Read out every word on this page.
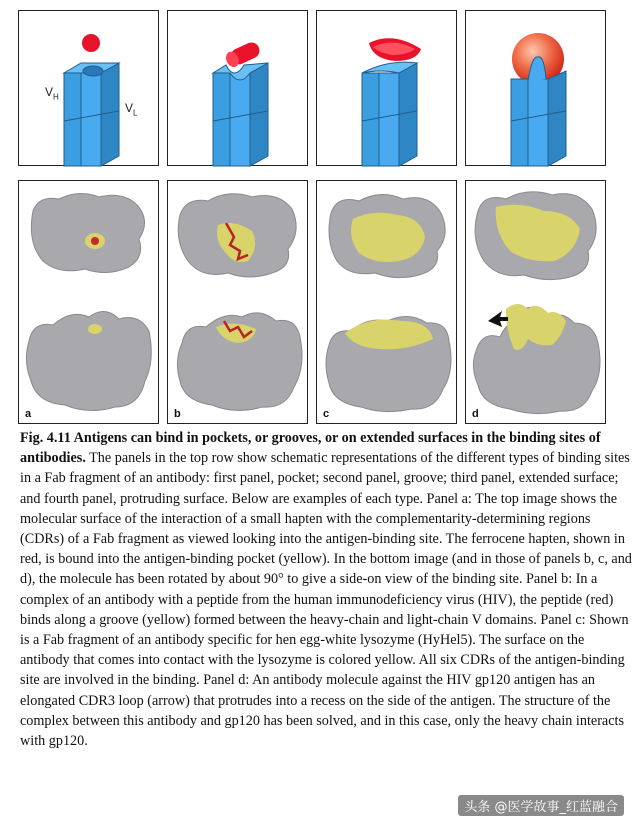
$V_H$
$V_L$
a	b	c	d
Fig. 4.11 Antigens can bind in pockets, or grooves, or on extended surfaces in the binding sites of antibodies. The panels in the top row show schematic representations of the different types of binding sites in a Fab fragment of an antibody: first panel, pocket; second panel, groove; third panel, extended surface; and fourth panel, protruding surface. Below are examples of each type. Panel a: The top image shows the molecular surface of the interaction of a small hapten with the complementarity-determining regions (CDRs) of a Fab fragment as viewed looking into the antigen-binding site. The ferrocene hapten, shown in red, is bound into the antigen-binding pocket (yellow). In the bottom image (and in those of panels b, c, and d), the molecule has been rotated by about 90° to give a side-on view of the binding site. Panel b: In a complex of an antibody with a peptide from the human immunodeficiency virus (HIV), the peptide (red) binds along a groove (yellow) formed between the heavy-chain and light-chain V domains. Panel c: Shown is a Fab fragment of an antibody specific for hen egg-white lysozyme (HyHel5). The surface on the antibody that comes into contact with the lysozyme is colored yellow. All six CDRs of the antigen-binding site are involved in the binding. Panel d: An antibody molecule against the HIV gp120 antigen has an elongated CDR3 loop (arrow) that protrudes into a recess on the side of the antigen. The structure of the complex between this antibody and gp120 has been solved, and in this case, only the heavy chain interacts with gp120.
头条 @医学故事_红蓝融合
